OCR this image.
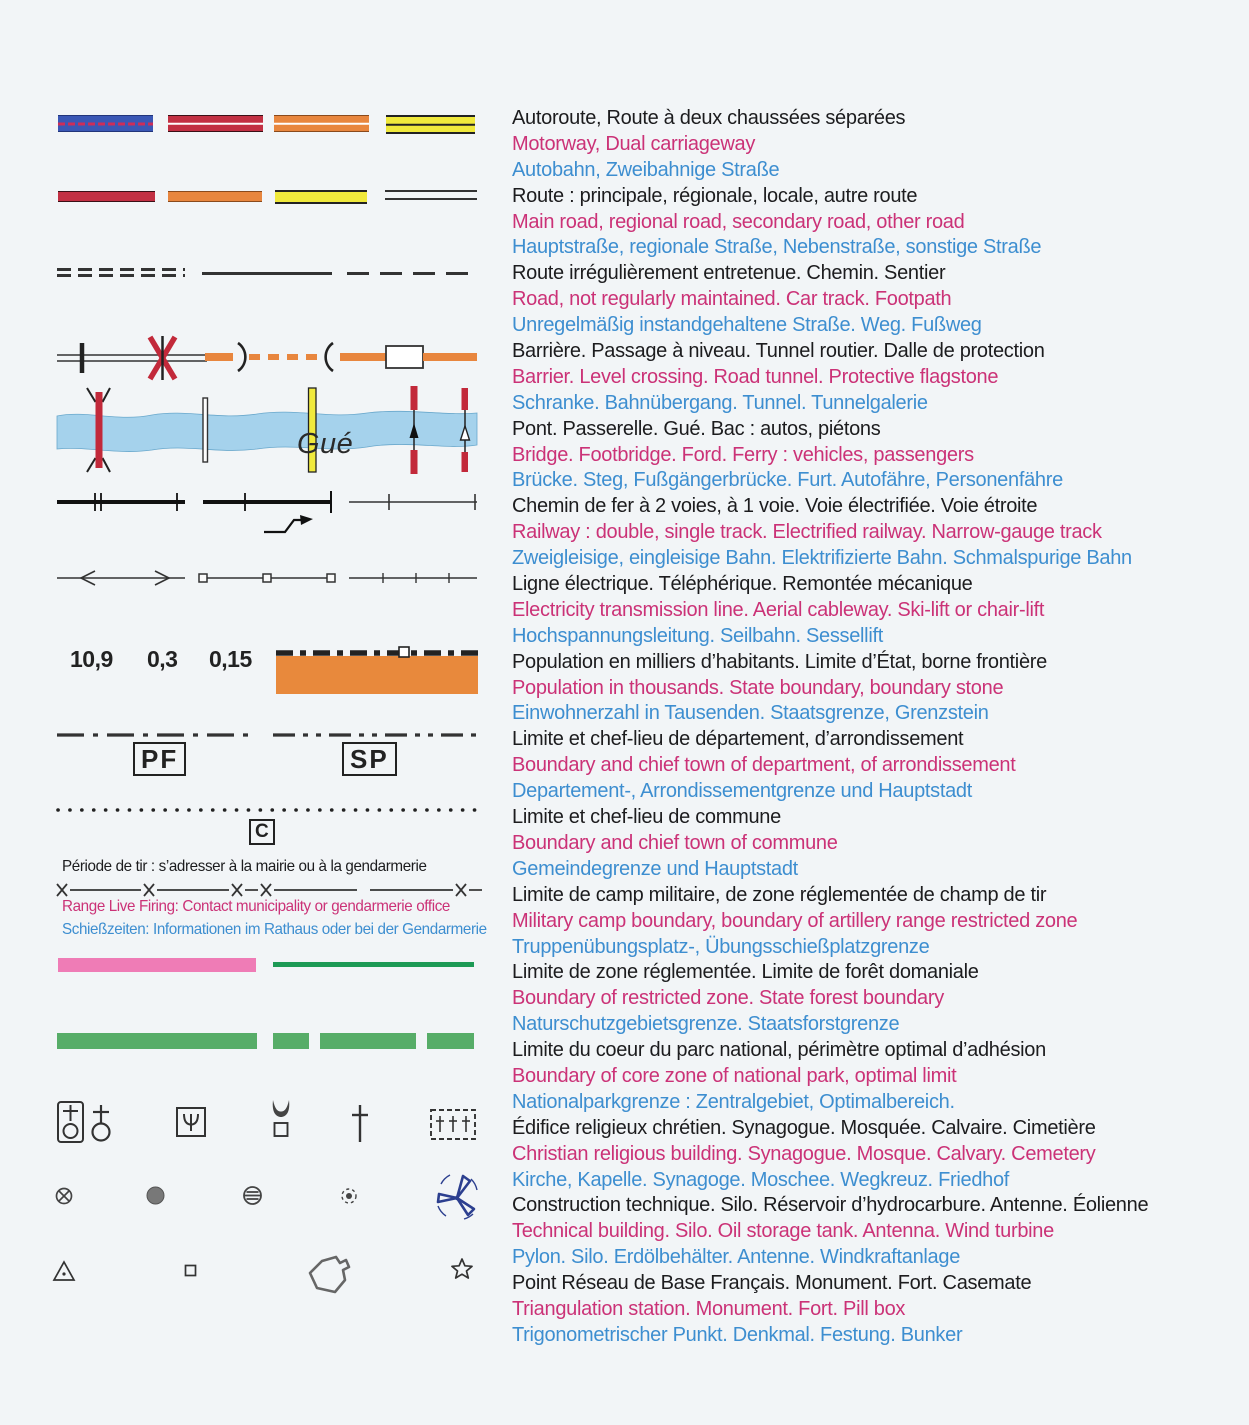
10,9 0,3 0,15
PF	SP
C
Période de tir : s’adresser à la mairie ou à la gendarmerie
Range Live Firing: Contact municipality or gendarmerie office
Schießzeiten: Informationen im Rathaus oder bei der Gendarmerie
Gué
Autoroute, Route à deux chaussées séparées
Motorway, Dual carriageway
Autobahn, Zweibahnige Straße
Route : principale, régionale, locale, autre route
Main road, regional road, secondary road, other road
Hauptstraße, regionale Straße, Nebenstraße, sonstige Straße
Route irrégulièrement entretenue. Chemin. Sentier
Road, not regularly maintained. Car track. Footpath
Unregelmäßig instandgehaltene Straße. Weg. Fußweg
Barrière. Passage à niveau. Tunnel routier. Dalle de protection
Barrier. Level crossing. Road tunnel. Protective flagstone
Schranke. Bahnübergang. Tunnel. Tunnelgalerie
Pont. Passerelle. Gué. Bac : autos, piétons
Bridge. Footbridge. Ford. Ferry : vehicles, passengers
Brücke. Steg, Fußgängerbrücke. Furt. Autofähre, Personenfähre
Chemin de fer à 2 voies, à 1 voie. Voie électrifiée. Voie étroite
Railway : double, single track. Electrified railway. Narrow-gauge track
Zweigleisige, eingleisige Bahn. Elektrifizierte Bahn. Schmalspurige Bahn
Ligne électrique. Téléphérique. Remontée mécanique
Electricity transmission line. Aerial cableway. Ski-lift or chair-lift
Hochspannungsleitung. Seilbahn. Sessellift
Population en milliers d’habitants. Limite d’État, borne frontière
Population in thousands. State boundary, boundary stone
Einwohnerzahl in Tausenden. Staatsgrenze, Grenzstein
Limite et chef-lieu de département, d’arrondissement
Boundary and chief town of department, of arrondissement
Departement-, Arrondissementgrenze und Hauptstadt
Limite et chef-lieu de commune
Boundary and chief town of commune
Gemeindegrenze und Hauptstadt
Limite de camp militaire, de zone réglementée de champ de tir
Military camp boundary, boundary of artillery range restricted zone
Truppenübungsplatz-, Übungsschießplatzgrenze
Limite de zone réglementée. Limite de forêt domaniale
Boundary of restricted zone. State forest boundary
Naturschutzgebietsgrenze. Staatsforstgrenze
Limite du coeur du parc national, périmètre optimal d’adhésion
Boundary of core zone of national park, optimal limit
Nationalparkgrenze : Zentralgebiet, Optimalbereich.
Édifice religieux chrétien. Synagogue. Mosquée. Calvaire. Cimetière
Christian religious building. Synagogue. Mosque. Calvary. Cemetery
Kirche, Kapelle. Synagoge. Moschee. Wegkreuz. Friedhof
Construction technique. Silo. Réservoir d’hydrocarbure. Antenne. Éolienne
Technical building. Silo. Oil storage tank. Antenna. Wind turbine
Pylon. Silo. Erdölbehälter. Antenne. Windkraftanlage
Point Réseau de Base Français. Monument. Fort. Casemate
Triangulation station. Monument. Fort. Pill box
Trigonometrischer Punkt. Denkmal. Festung. Bunker
